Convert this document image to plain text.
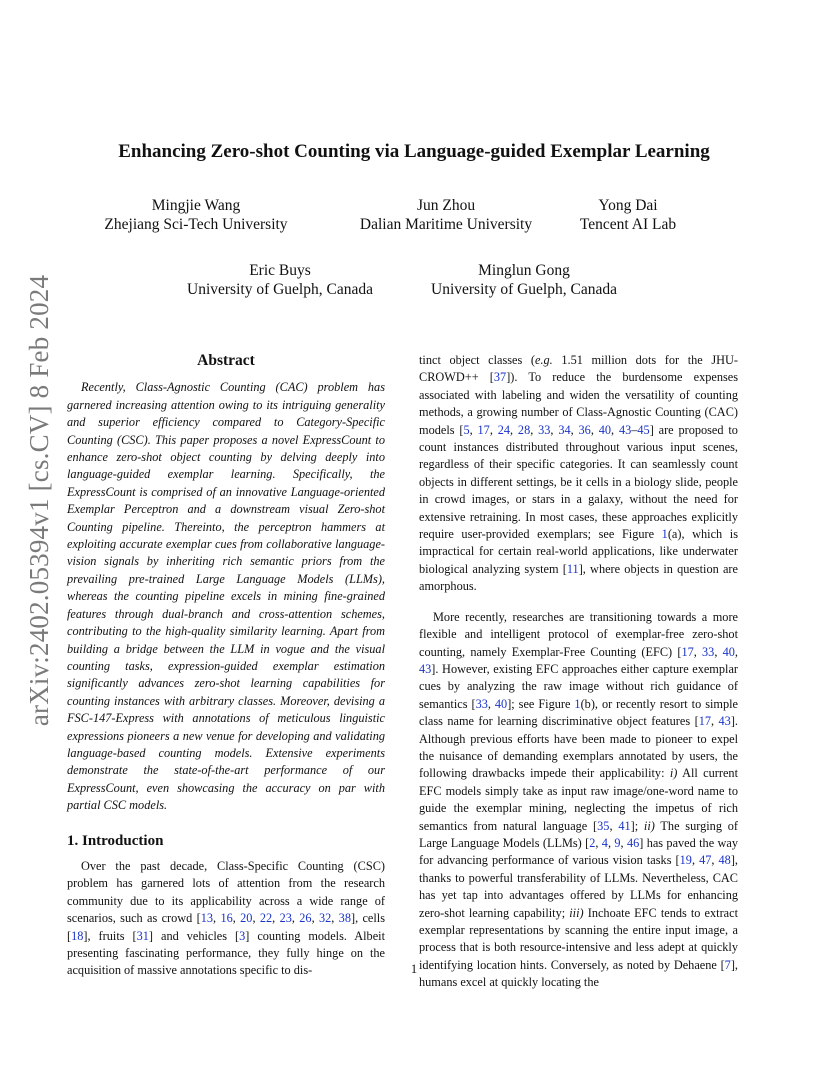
arXiv:2402.05394v1 [cs.CV] 8 Feb 2024
Enhancing Zero-shot Counting via Language-guided Exemplar Learning
Mingjie Wang
Zhejiang Sci-Tech University
Jun Zhou
Dalian Maritime University
Yong Dai
Tencent AI Lab
Eric Buys
University of Guelph, Canada
Minglun Gong
University of Guelph, Canada
Abstract

Recently, Class-Agnostic Counting (CAC) problem has garnered increasing attention owing to its intriguing generality and superior efficiency compared to Category-Specific Counting (CSC). This paper proposes a novel ExpressCount to enhance zero-shot object counting by delving deeply into language-guided exemplar learning. Specifically, the ExpressCount is comprised of an innovative Language-oriented Exemplar Perceptron and a downstream visual Zero-shot Counting pipeline. Thereinto, the perceptron hammers at exploiting accurate exemplar cues from collaborative language-vision signals by inheriting rich semantic priors from the prevailing pre-trained Large Language Models (LLMs), whereas the counting pipeline excels in mining fine-grained features through dual-branch and cross-attention schemes, contributing to the high-quality similarity learning. Apart from building a bridge between the LLM in vogue and the visual counting tasks, expression-guided exemplar estimation significantly advances zero-shot learning capabilities for counting instances with arbitrary classes. Moreover, devising a FSC-147-Express with annotations of meticulous linguistic expressions pioneers a new venue for developing and validating language-based counting models. Extensive experiments demonstrate the state-of-the-art performance of our ExpressCount, even showcasing the accuracy on par with partial CSC models.

1. Introduction

Over the past decade, Class-Specific Counting (CSC) problem has garnered lots of attention from the research community due to its applicability across a wide range of scenarios, such as crowd [13, 16, 20, 22, 23, 26, 32, 38], cells [18], fruits [31] and vehicles [3] counting models. Albeit presenting fascinating performance, they fully hinge on the acquisition of massive annotations specific to dis-

tinct object classes (e.g. 1.51 million dots for the JHU-CROWD++ [37]). To reduce the burdensome expenses associated with labeling and widen the versatility of counting methods, a growing number of Class-Agnostic Counting (CAC) models [5, 17, 24, 28, 33, 34, 36, 40, 43–45] are proposed to count instances distributed throughout various input scenes, regardless of their specific categories. It can seamlessly count objects in different settings, be it cells in a biology slide, people in crowd images, or stars in a galaxy, without the need for extensive retraining. In most cases, these approaches explicitly require user-provided exemplars; see Figure 1(a), which is impractical for certain real-world applications, like underwater biological analyzing system [11], where objects in question are amorphous.

More recently, researches are transitioning towards a more flexible and intelligent protocol of exemplar-free zero-shot counting, namely Exemplar-Free Counting (EFC) [17, 33, 40, 43]. However, existing EFC approaches either capture exemplar cues by analyzing the raw image without rich guidance of semantics [33, 40]; see Figure 1(b), or recently resort to simple class name for learning discriminative object features [17, 43]. Although previous efforts have been made to pioneer to expel the nuisance of demanding exemplars annotated by users, the following drawbacks impede their applicability: i) All current EFC models simply take as input raw image/one-word name to guide the exemplar mining, neglecting the impetus of rich semantics from natural language [35, 41]; ii) The surging of Large Language Models (LLMs) [2, 4, 9, 46] has paved the way for advancing performance of various vision tasks [19, 47, 48], thanks to powerful transferability of LLMs. Nevertheless, CAC has yet tap into advantages offered by LLMs for enhancing zero-shot learning capability; iii) Inchoate EFC tends to extract exemplar representations by scanning the entire input image, a process that is both resource-intensive and less adept at quickly identifying location hints. Conversely, as noted by Dehaene [7], humans excel at quickly locating the

1
